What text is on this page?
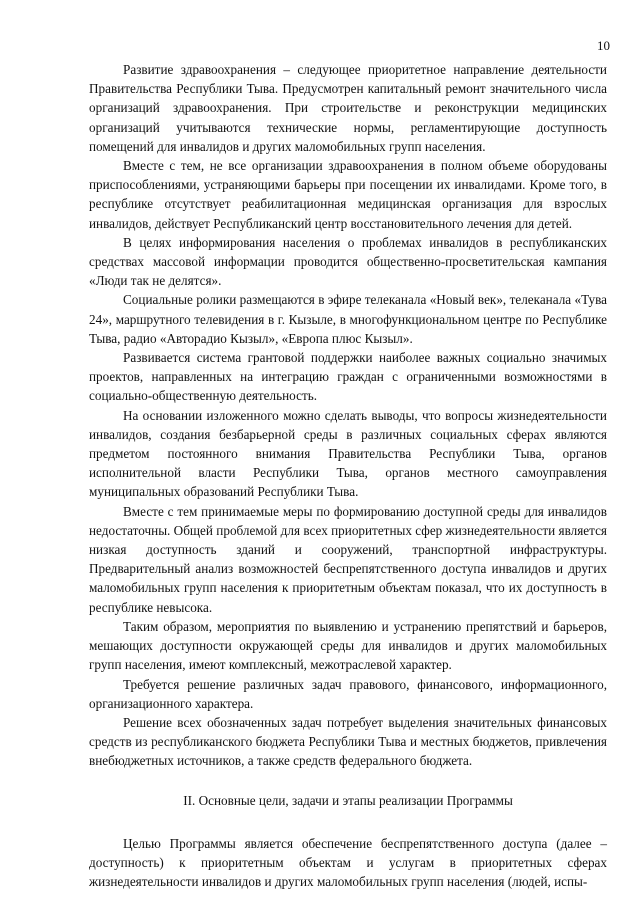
10

Развитие здравоохранения – следующее приоритетное направление деятельности Правительства Республики Тыва. Предусмотрен капитальный ремонт значительного числа организаций здравоохранения. При строительстве и реконструкции медицинских организаций учитываются технические нормы, регламентирующие доступность помещений для инвалидов и других маломобильных групп населения.

Вместе с тем, не все организации здравоохранения в полном объеме оборудованы приспособлениями, устраняющими барьеры при посещении их инвалидами. Кроме того, в республике отсутствует реабилитационная медицинская организация для взрослых инвалидов, действует Республиканский центр восстановительного лечения для детей.

В целях информирования населения о проблемах инвалидов в республиканских средствах массовой информации проводится общественно-просветительская кампания «Люди так не делятся».

Социальные ролики размещаются в эфире телеканала «Новый век», телеканала «Тува 24», маршрутного телевидения в г. Кызыле, в многофункциональном центре по Республике Тыва, радио «Авторадио Кызыл», «Европа плюс Кызыл».

Развивается система грантовой поддержки наиболее важных социально значимых проектов, направленных на интеграцию граждан с ограниченными возможностями в социально-общественную деятельность.

На основании изложенного можно сделать выводы, что вопросы жизнедеятельности инвалидов, создания безбарьерной среды в различных социальных сферах являются предметом постоянного внимания Правительства Республики Тыва, органов исполнительной власти Республики Тыва, органов местного самоуправления муниципальных образований Республики Тыва.

Вместе с тем принимаемые меры по формированию доступной среды для инвалидов недостаточны. Общей проблемой для всех приоритетных сфер жизнедеятельности является низкая доступность зданий и сооружений, транспортной инфраструктуры. Предварительный анализ возможностей беспрепятственного доступа инвалидов и других маломобильных групп населения к приоритетным объектам показал, что их доступность в республике невысока.

Таким образом, мероприятия по выявлению и устранению препятствий и барьеров, мешающих доступности окружающей среды для инвалидов и других маломобильных групп населения, имеют комплексный, межотраслевой характер.

Требуется решение различных задач правового, финансового, информационного, организационного характера.

Решение всех обозначенных задач потребует выделения значительных финансовых средств из республиканского бюджета Республики Тыва и местных бюджетов, привлечения внебюджетных источников, а также средств федерального бюджета.

II. Основные цели, задачи и этапы реализации Программы

Целью Программы является обеспечение беспрепятственного доступа (далее – доступность) к приоритетным объектам и услугам в приоритетных сферах жизнедеятельности инвалидов и других маломобильных групп населения (людей, испы-
